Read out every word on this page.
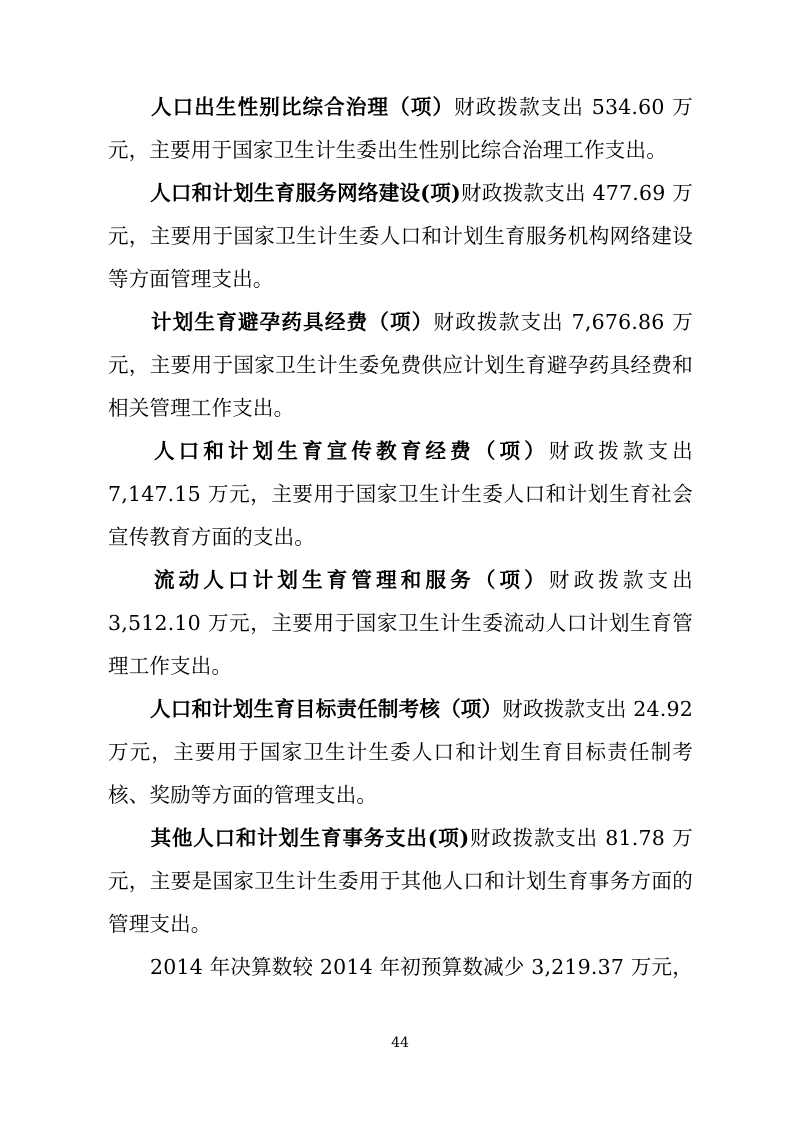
人口出生性别比综合治理（项）财政拨款支出 534.60 万元，主要用于国家卫生计生委出生性别比综合治理工作支出。

人口和计划生育服务网络建设(项)财政拨款支出 477.69 万元，主要用于国家卫生计生委人口和计划生育服务机构网络建设等方面管理支出。

计划生育避孕药具经费（项）财政拨款支出 7,676.86 万元，主要用于国家卫生计生委免费供应计划生育避孕药具经费和相关管理工作支出。

人口和计划生育宣传教育经费（项）财政拨款支出 7,147.15 万元，主要用于国家卫生计生委人口和计划生育社会宣传教育方面的支出。

流动人口计划生育管理和服务（项）财政拨款支出 3,512.10 万元，主要用于国家卫生计生委流动人口计划生育管理工作支出。

人口和计划生育目标责任制考核（项）财政拨款支出 24.92 万元，主要用于国家卫生计生委人口和计划生育目标责任制考核、奖励等方面的管理支出。

其他人口和计划生育事务支出(项)财政拨款支出 81.78 万元，主要是国家卫生计生委用于其他人口和计划生育事务方面的管理支出。

2014 年决算数较 2014 年初预算数减少 3,219.37 万元，

44
